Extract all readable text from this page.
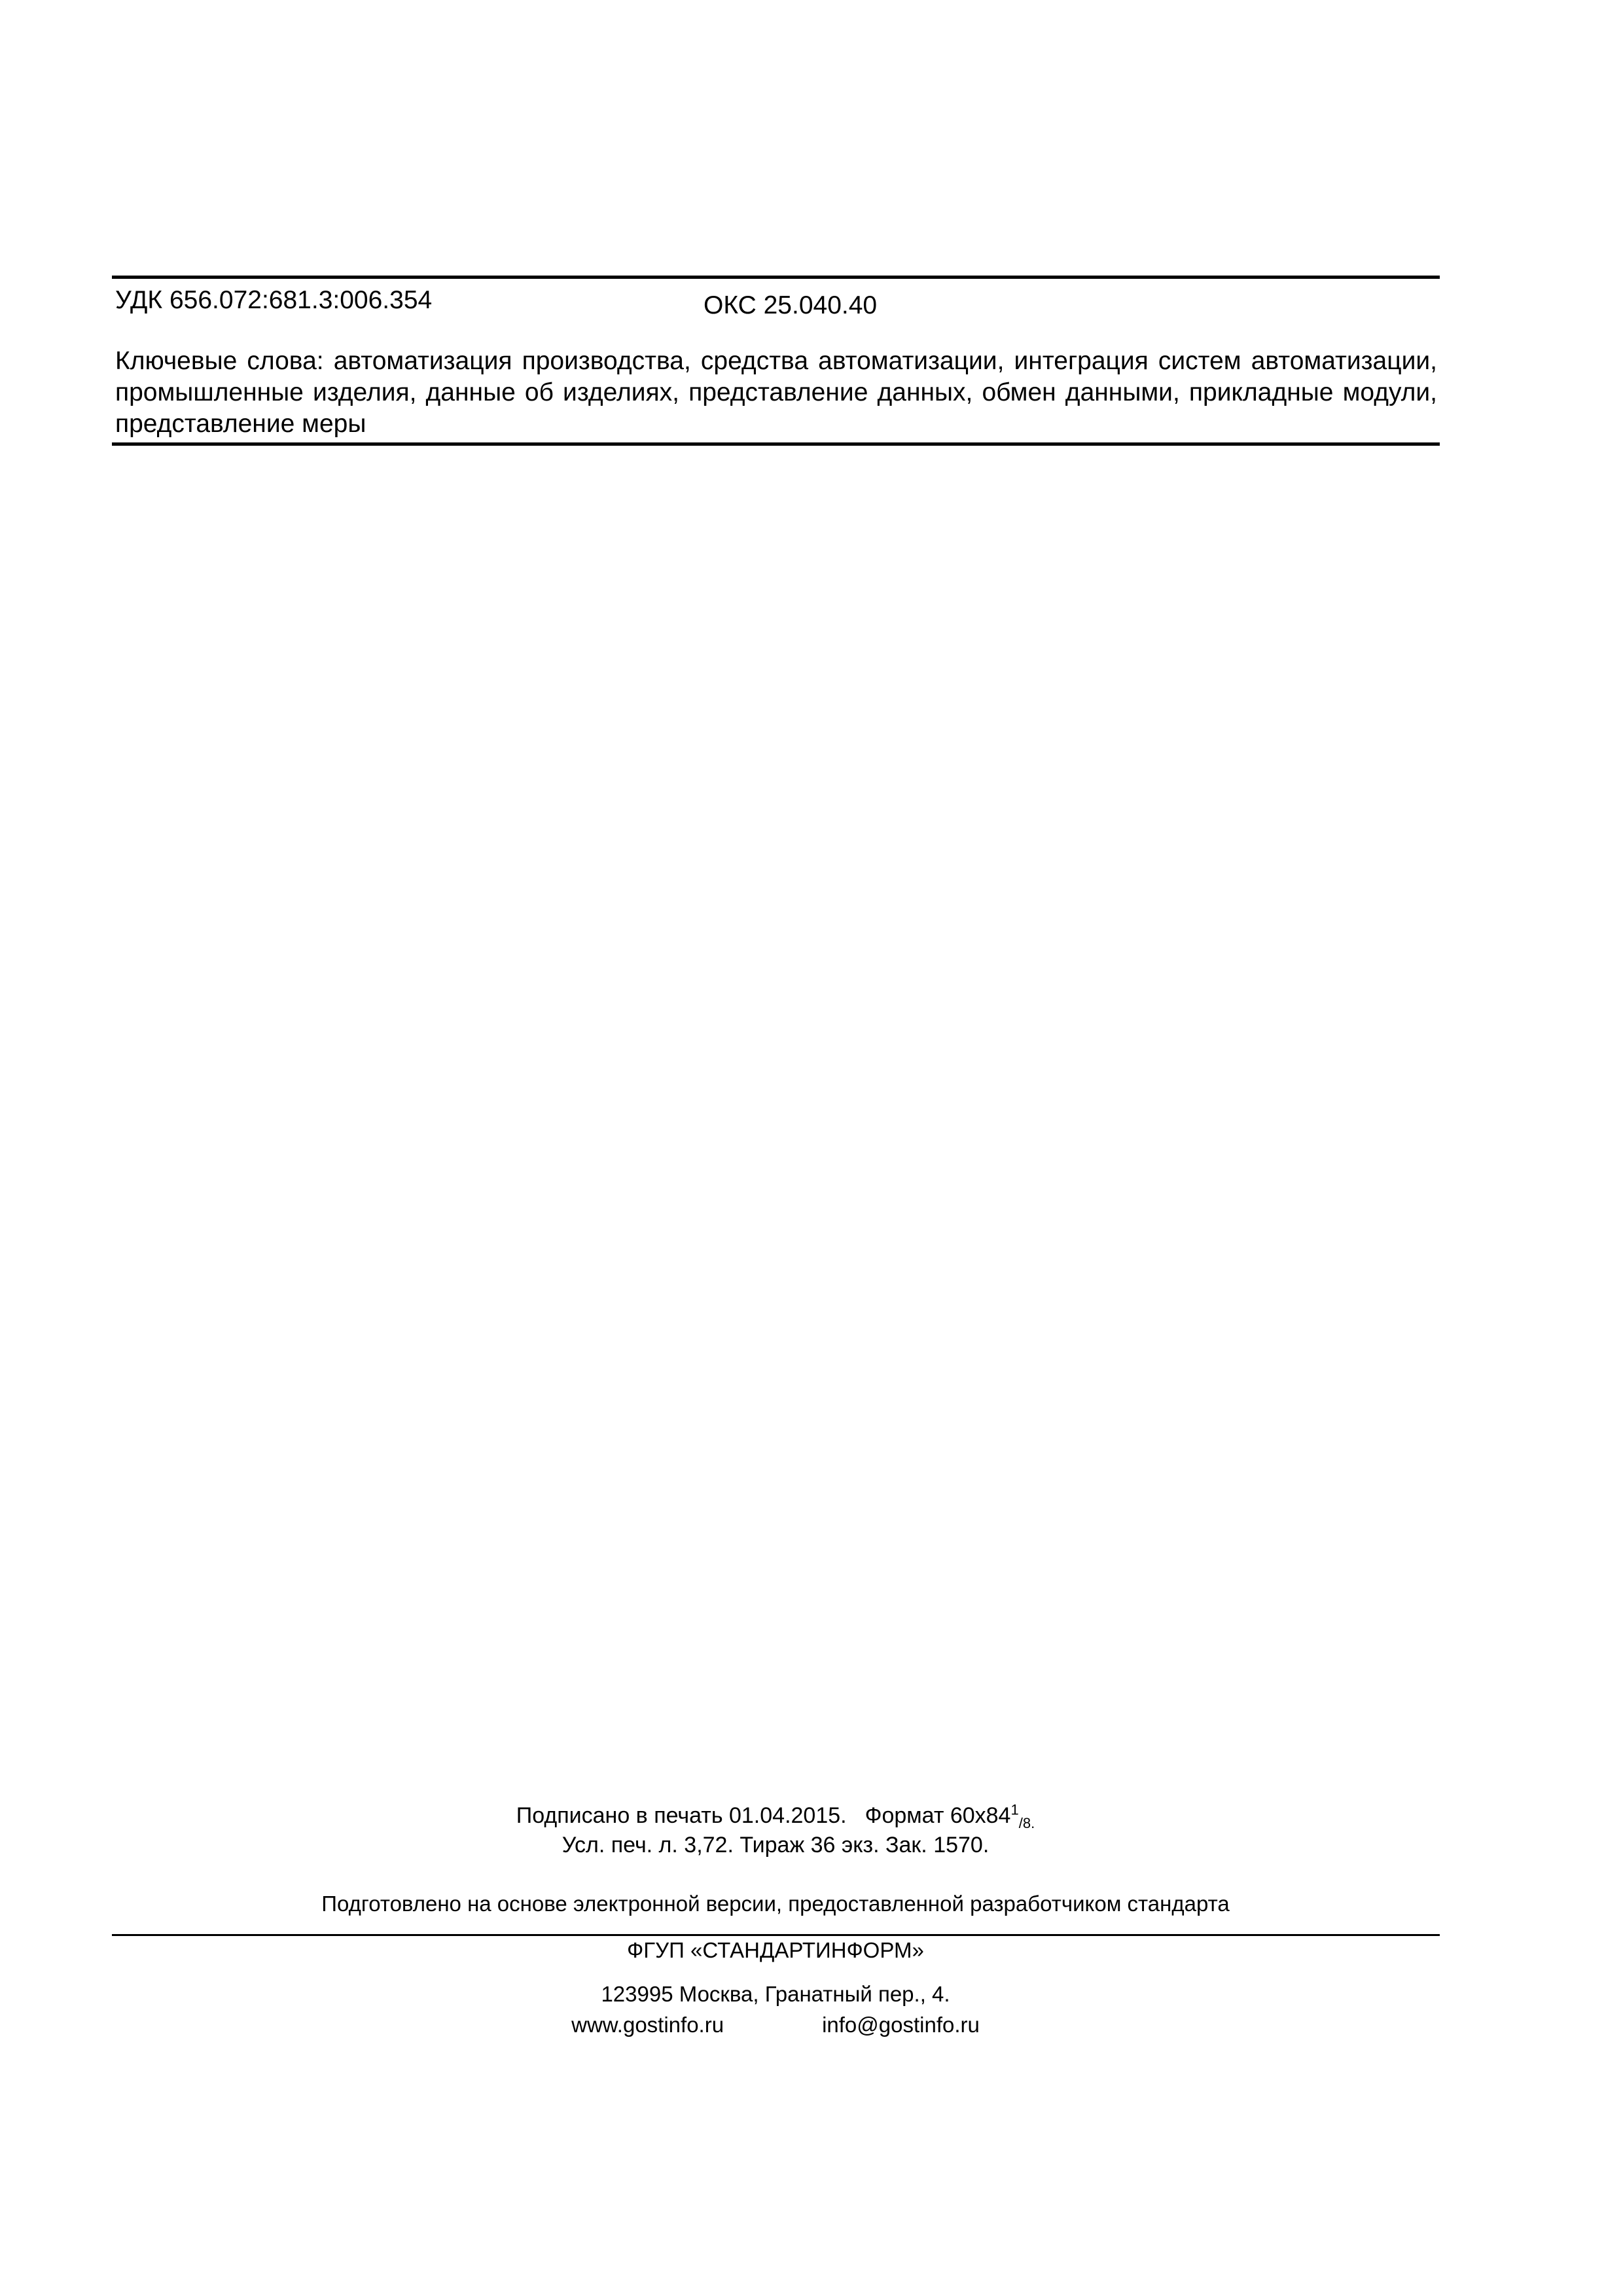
УДК 656.072:681.3:006.354	ОКС 25.040.40
Ключевые слова: автоматизация производства, средства автоматизации, интеграция систем автоматизации, промышленные изделия, данные об изделиях, представление данных, обмен данными, прикладные модули, представление меры
Подписано в печать 01.04.2015. Формат $60x84^1_{/8.}$
Усл. печ. л. 3,72. Тираж 36 экз. Зак. 1570.
Подготовлено на основе электронной версии, предоставленной разработчиком стандарта
ФГУП «СТАНДАРТИНФОРМ»
123995 Москва, Гранатный пер., 4.
www.gostinfo.ru	info@gostinfo.ru
